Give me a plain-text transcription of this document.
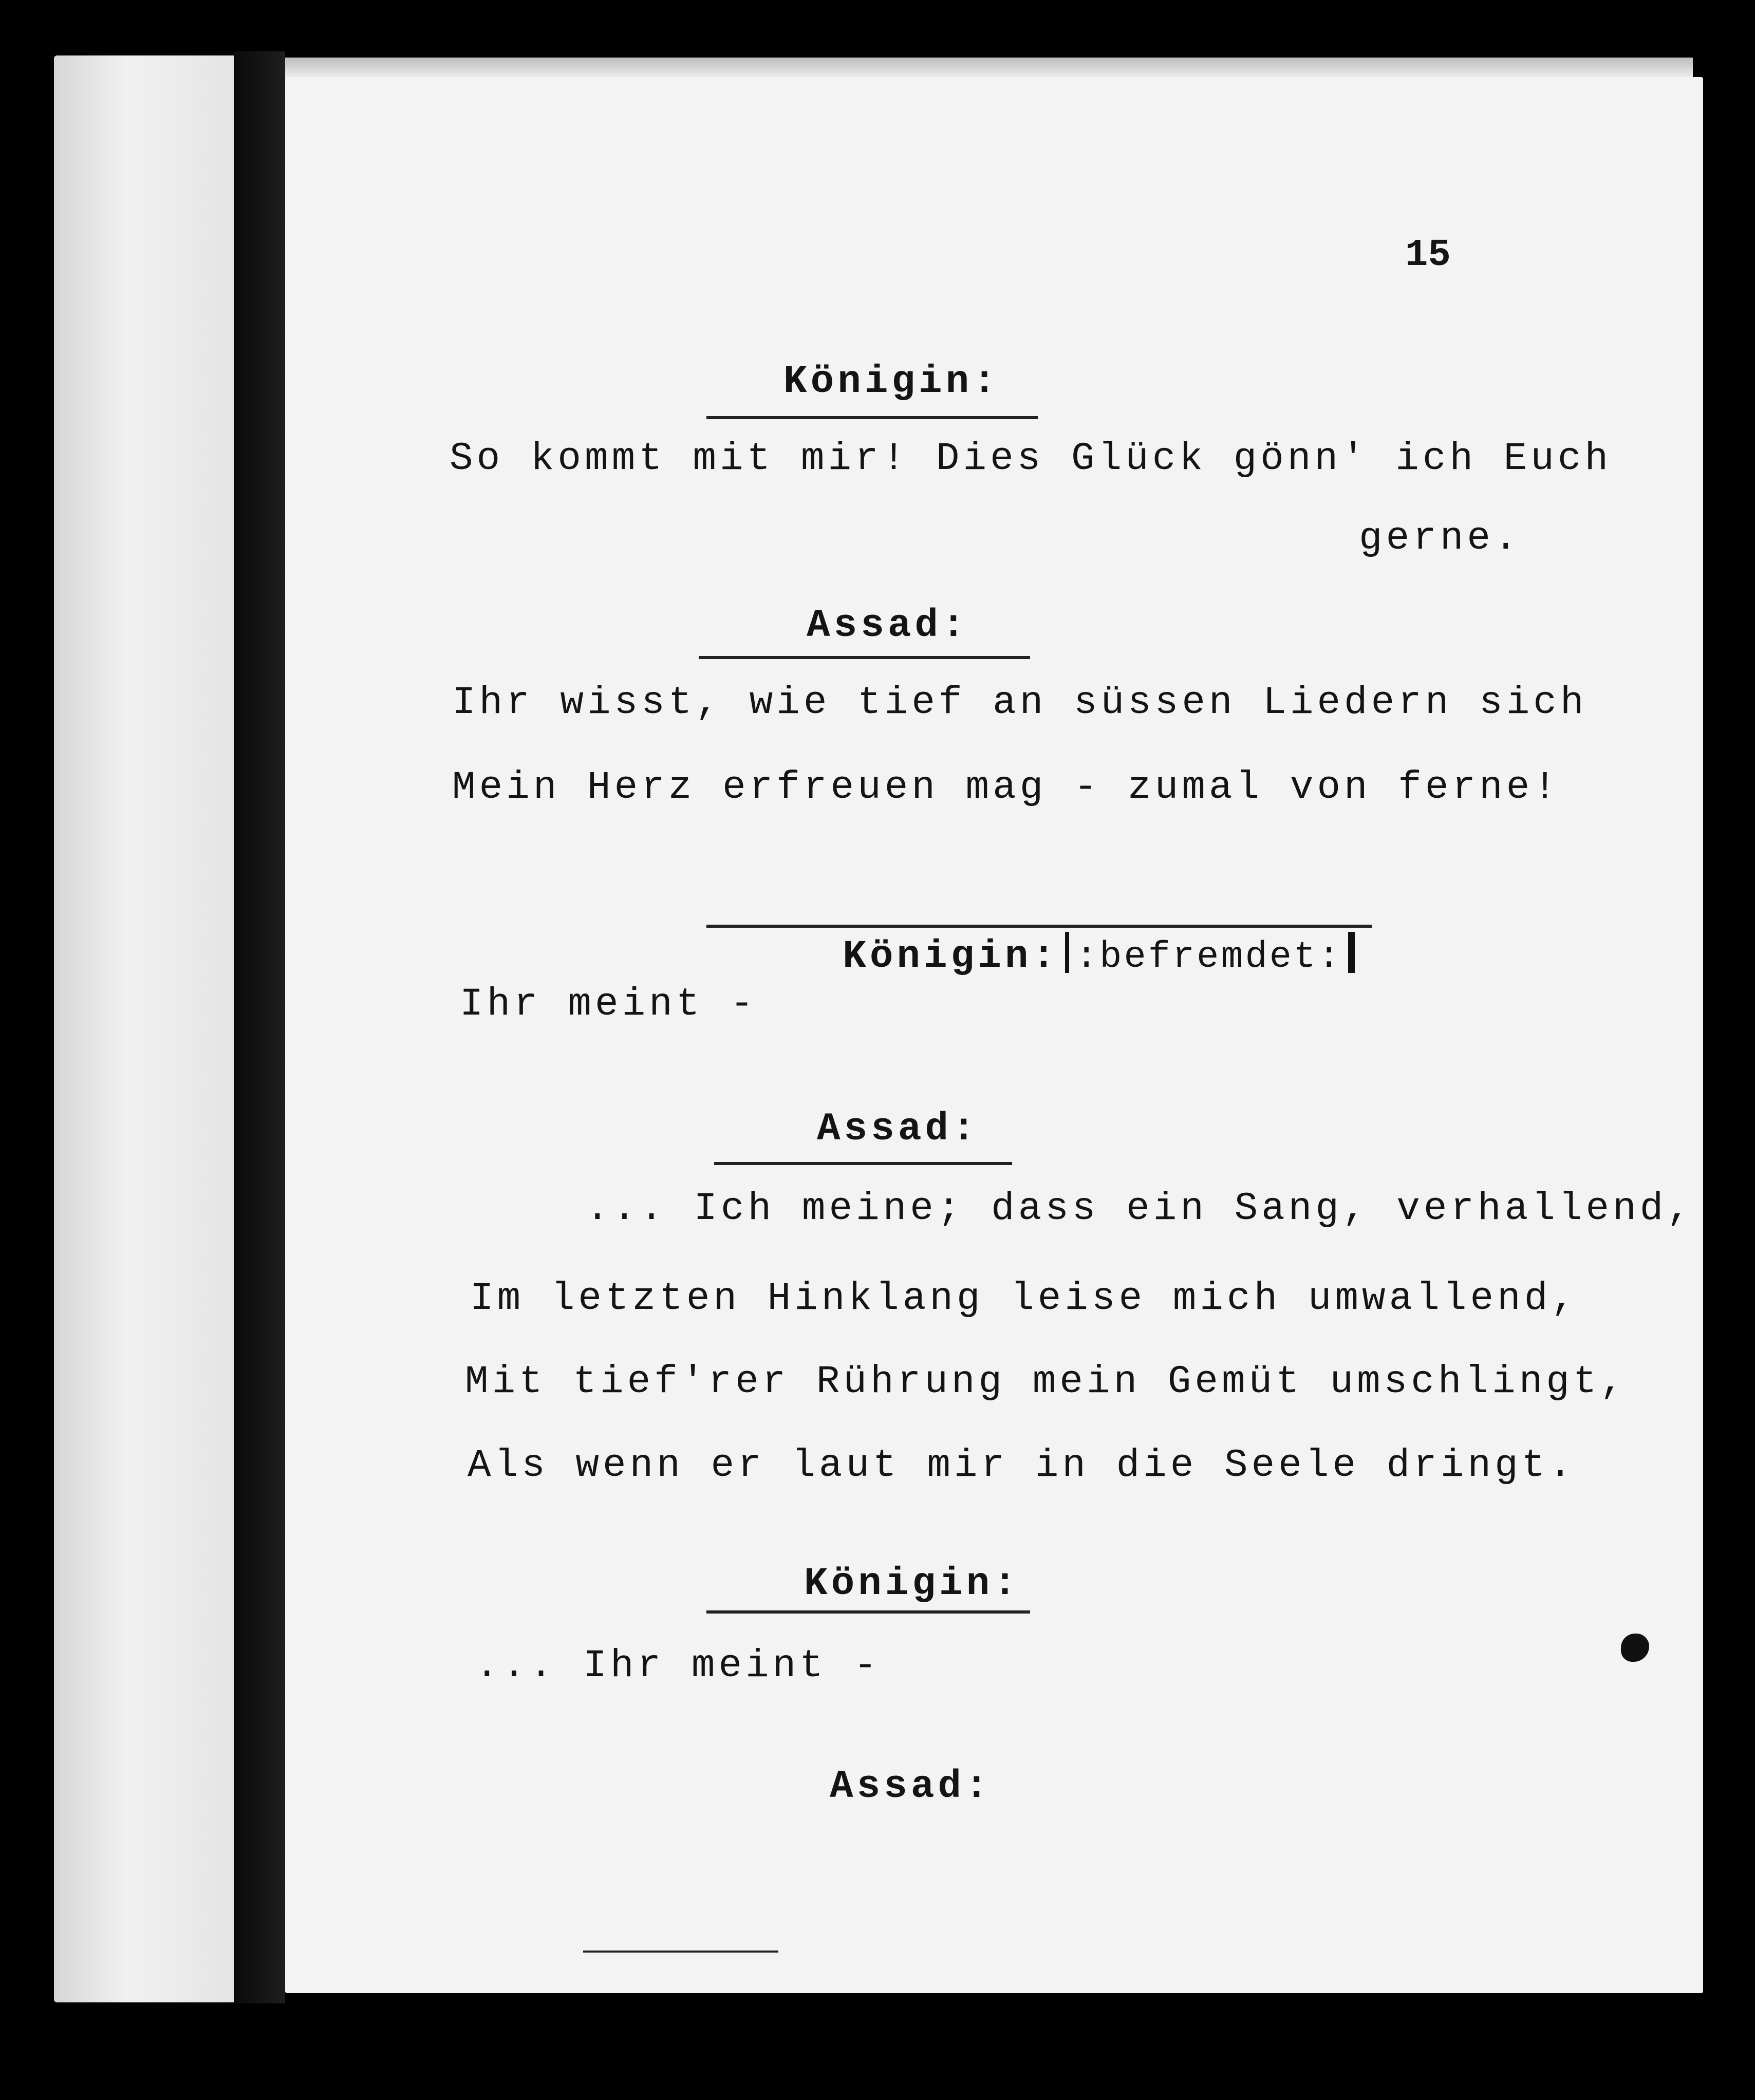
15
Königin:
So kommt mit mir! Dies Glück gönn' ich Euch
gerne.
Assad:
Ihr wisst, wie tief an süssen Liedern sich
Mein Herz erfreuen mag - zumal von ferne!

Königin: :befremdet:

Ihr meint -
Assad:
... Ich meine; dass ein Sang, verhallend,
Im letzten Hinklang leise mich umwallend,
Mit tief'rer Rührung mein Gemüt umschlingt,
Als wenn er laut mir in die Seele dringt.
Königin:
... Ihr meint -
Assad:
